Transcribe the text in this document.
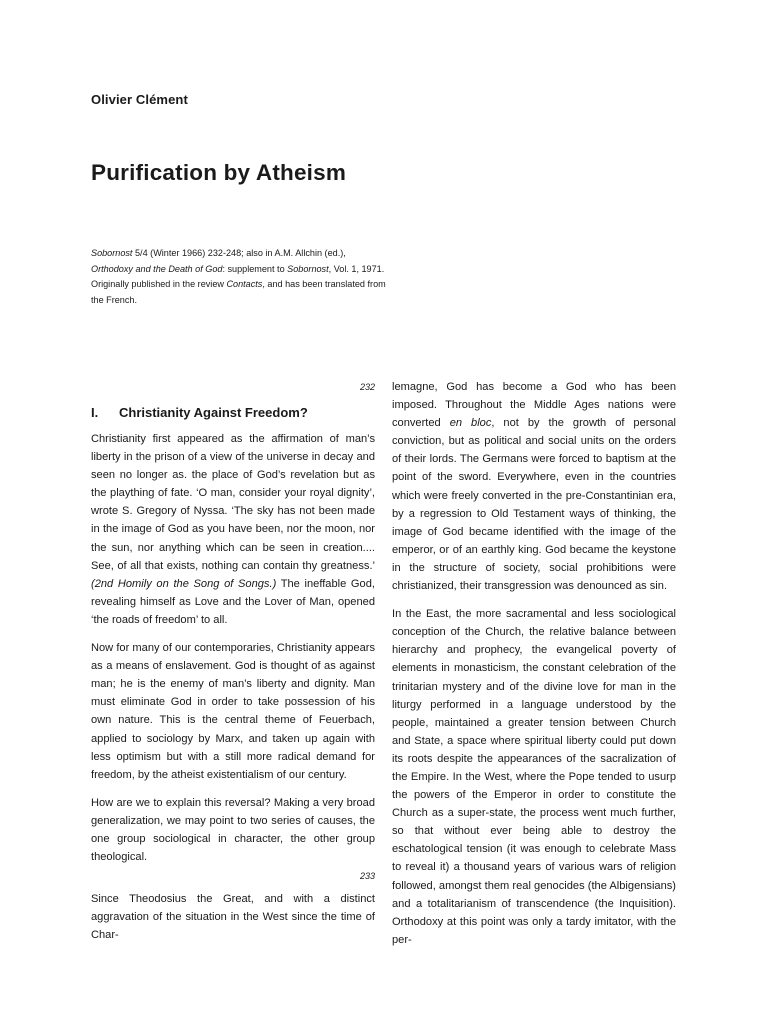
Olivier Clément
Purification by Atheism
Sobornost 5/4 (Winter 1966) 232-248; also in A.M. Allchin (ed.), Orthodoxy and the Death of God: supplement to Sobornost, Vol. 1, 1971. Originally published in the review Contacts, and has been translated from the French.
232
I.	Christianity Against Freedom?

Christianity first appeared as the affirmation of man’s liberty in the prison of a view of the universe in decay and seen no longer as. the place of God’s revelation but as the plaything of fate. ‘O man, consider your royal dignity’, wrote S. Gregory of Nyssa. ‘The sky has not been made in the image of God as you have been, nor the moon, nor the sun, nor anything which can be seen in creation.... See, of all that exists, nothing can contain thy greatness.’ (2nd Homily on the Song of Songs.) The ineffable God, revealing himself as Love and the Lover of Man, opened ‘the roads of freedom’ to all.

Now for many of our contemporaries, Christianity appears as a means of enslavement. God is thought of as against man; he is the enemy of man’s liberty and dignity. Man must eliminate God in order to take possession of his own nature. This is the central theme of Feuerbach, applied to sociology by Marx, and taken up again with less optimism but with a still more radical demand for freedom, by the atheist existentialism of our century.

How are we to explain this reversal? Making a very broad generalization, we may point to two series of causes, the one group sociological in character, the other group theological.

233

Since Theodosius the Great, and with a distinct aggravation of the situation in the West since the time of Char-

lemagne, God has become a God who has been imposed. Throughout the Middle Ages nations were converted en bloc, not by the growth of personal conviction, but as political and social units on the orders of their lords. The Germans were forced to baptism at the point of the sword. Everywhere, even in the countries which were freely converted in the pre-Constantinian era, by a regression to Old Testament ways of thinking, the image of God became identified with the image of the emperor, or of an earthly king. God became the keystone in the structure of society, social prohibitions were christianized, their transgression was denounced as sin.

In the East, the more sacramental and less sociological conception of the Church, the relative balance between hierarchy and prophecy, the evangelical poverty of elements in monasticism, the constant celebration of the trinitarian mystery and of the divine love for man in the liturgy performed in a language understood by the people, maintained a greater tension between Church and State, a space where spiritual liberty could put down its roots despite the appearances of the sacralization of the Empire. In the West, where the Pope tended to usurp the powers of the Emperor in order to constitute the Church as a super-state, the process went much further, so that without ever being able to destroy the eschatological tension (it was enough to celebrate Mass to reveal it) a thousand years of various wars of religion followed, amongst them real genocides (the Albigensians) and a totalitarianism of transcendence (the Inquisition). Orthodoxy at this point was only a tardy imitator, with the per-
